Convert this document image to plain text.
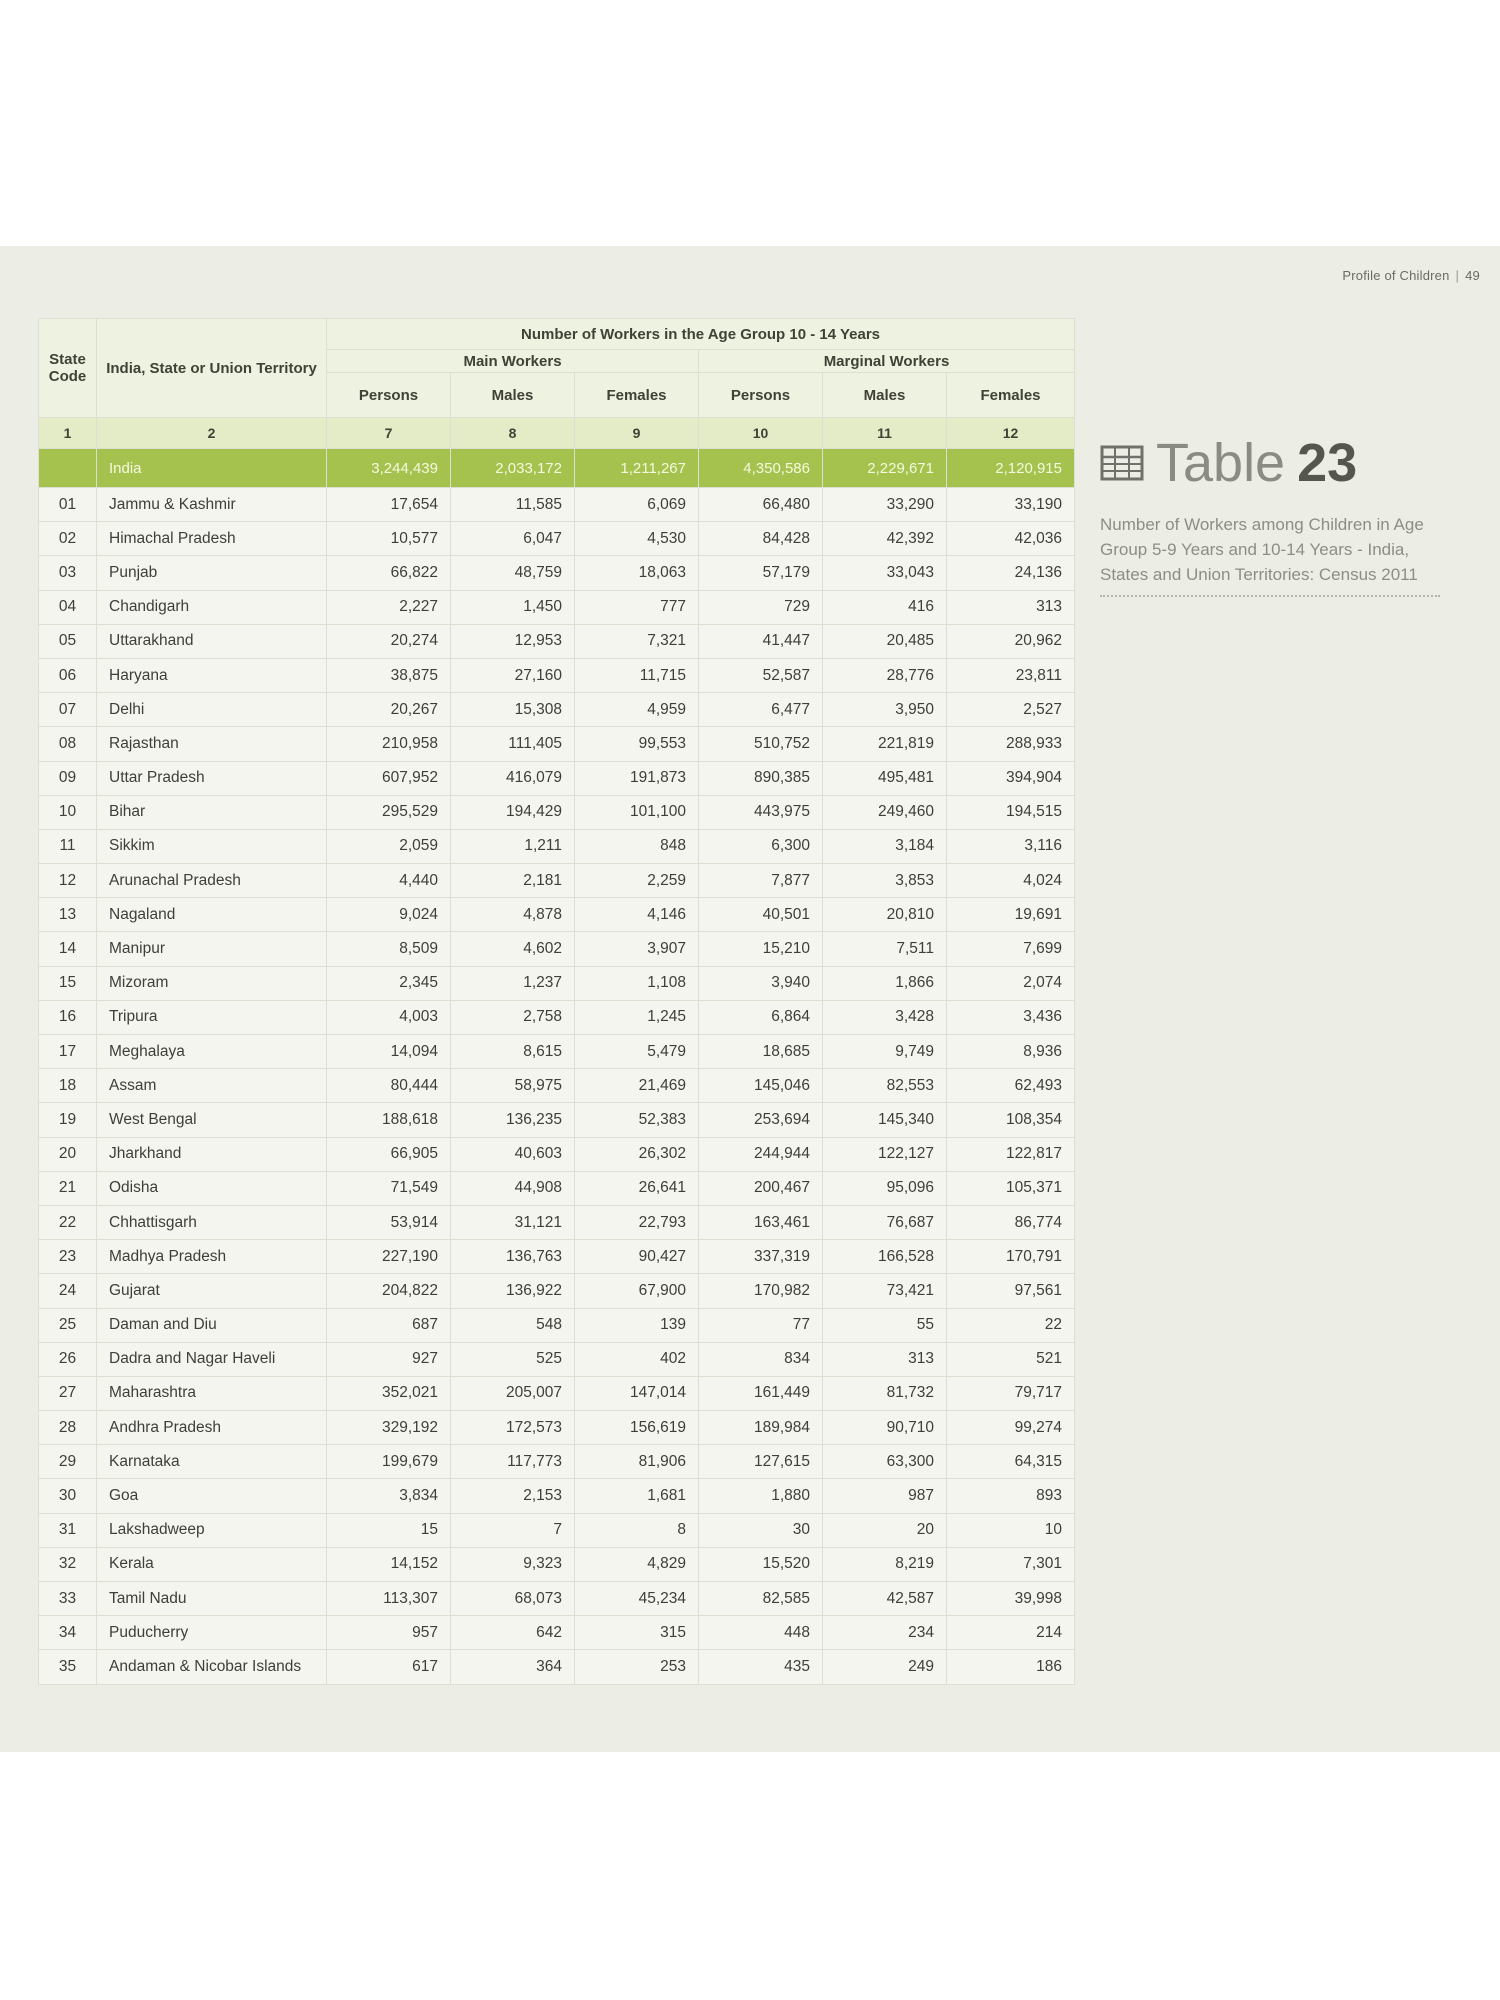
Profile of Children | 49
State Code	India, State or Union Territory	Number of Workers in the Age Group 10 - 14 Years					
		Main Workers			Marginal Workers		
		Persons	Males	Females	Persons	Males	Females
1	2	7	8	9	10	11	12
	India	3,244,439	2,033,172	1,211,267	4,350,586	2,229,671	2,120,915
01	Jammu & Kashmir	17,654	11,585	6,069	66,480	33,290	33,190
02	Himachal Pradesh	10,577	6,047	4,530	84,428	42,392	42,036
03	Punjab	66,822	48,759	18,063	57,179	33,043	24,136
04	Chandigarh	2,227	1,450	777	729	416	313
05	Uttarakhand	20,274	12,953	7,321	41,447	20,485	20,962
06	Haryana	38,875	27,160	11,715	52,587	28,776	23,811
07	Delhi	20,267	15,308	4,959	6,477	3,950	2,527
08	Rajasthan	210,958	111,405	99,553	510,752	221,819	288,933
09	Uttar Pradesh	607,952	416,079	191,873	890,385	495,481	394,904
10	Bihar	295,529	194,429	101,100	443,975	249,460	194,515
11	Sikkim	2,059	1,211	848	6,300	3,184	3,116
12	Arunachal Pradesh	4,440	2,181	2,259	7,877	3,853	4,024
13	Nagaland	9,024	4,878	4,146	40,501	20,810	19,691
14	Manipur	8,509	4,602	3,907	15,210	7,511	7,699
15	Mizoram	2,345	1,237	1,108	3,940	1,866	2,074
16	Tripura	4,003	2,758	1,245	6,864	3,428	3,436
17	Meghalaya	14,094	8,615	5,479	18,685	9,749	8,936
18	Assam	80,444	58,975	21,469	145,046	82,553	62,493
19	West Bengal	188,618	136,235	52,383	253,694	145,340	108,354
20	Jharkhand	66,905	40,603	26,302	244,944	122,127	122,817
21	Odisha	71,549	44,908	26,641	200,467	95,096	105,371
22	Chhattisgarh	53,914	31,121	22,793	163,461	76,687	86,774
23	Madhya Pradesh	227,190	136,763	90,427	337,319	166,528	170,791
24	Gujarat	204,822	136,922	67,900	170,982	73,421	97,561
25	Daman and Diu	687	548	139	77	55	22
26	Dadra and Nagar Haveli	927	525	402	834	313	521
27	Maharashtra	352,021	205,007	147,014	161,449	81,732	79,717
28	Andhra Pradesh	329,192	172,573	156,619	189,984	90,710	99,274
29	Karnataka	199,679	117,773	81,906	127,615	63,300	64,315
30	Goa	3,834	2,153	1,681	1,880	987	893
31	Lakshadweep	15	7	8	30	20	10
32	Kerala	14,152	9,323	4,829	15,520	8,219	7,301
33	Tamil Nadu	113,307	68,073	45,234	82,585	42,587	39,998
34	Puducherry	957	642	315	448	234	214
35	Andaman & Nicobar Islands	617	364	253	435	249	186
Table 23
Number of Workers among Children in Age Group 5-9 Years and 10-14 Years - India, States and Union Territories: Census 2011
